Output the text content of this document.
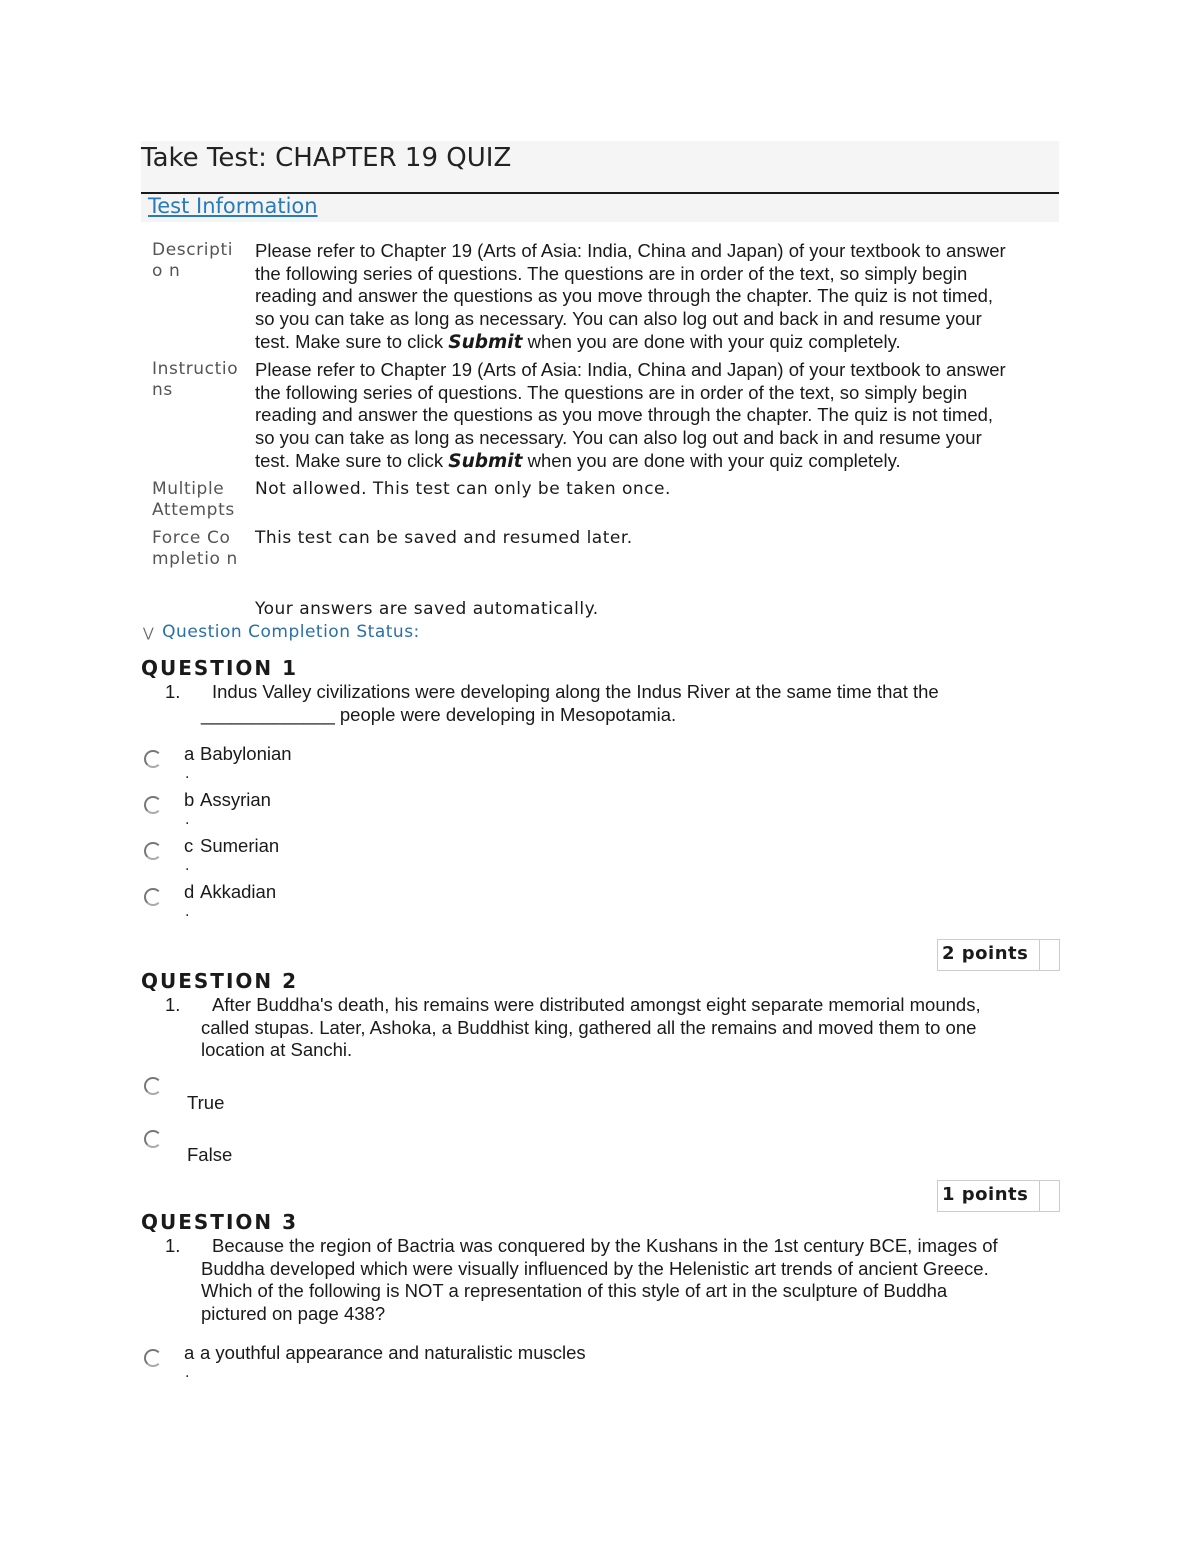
Take Test: CHAPTER 19 QUIZ
Test Information
Descriptio n
Please refer to Chapter 19 (Arts of Asia: India, China and Japan) of your textbook to answer
the following series of questions. The questions are in order of the text, so simply begin
reading and answer the questions as you move through the chapter. The quiz is not timed,
so you can take as long as necessary. You can also log out and back in and resume your
test. Make sure to click Submit when you are done with your quiz completely.
Instructio ns
Please refer to Chapter 19 (Arts of Asia: India, China and Japan) of your textbook to answer
the following series of questions. The questions are in order of the text, so simply begin
reading and answer the questions as you move through the chapter. The quiz is not timed,
so you can take as long as necessary. You can also log out and back in and resume your
test. Make sure to click Submit when you are done with your quiz completely.
Multiple Attempts
Not allowed. This test can only be taken once.
Force Completio n
This test can be saved and resumed later.
Your answers are saved automatically.
⋁ Question Completion Status:
QUESTION 1
1.	Indus Valley civilizations were developing along the Indus River at the same time that the
_____________ people were developing in Mesopotamia.
a
.
Babylonian
b
.
Assyrian
c
.
Sumerian
d
.
Akkadian
2 points
QUESTION 2
1.	After Buddha's death, his remains were distributed amongst eight separate memorial mounds,
called stupas. Later, Ashoka, a Buddhist king, gathered all the remains and moved them to one
location at Sanchi.
True
False
1 points
QUESTION 3
1.	Because the region of Bactria was conquered by the Kushans in the 1st century BCE, images of
Buddha developed which were visually influenced by the Helenistic art trends of ancient Greece.
Which of the following is NOT a representation of this style of art in the sculpture of Buddha
pictured on page 438?
a
.
a youthful appearance and naturalistic muscles
